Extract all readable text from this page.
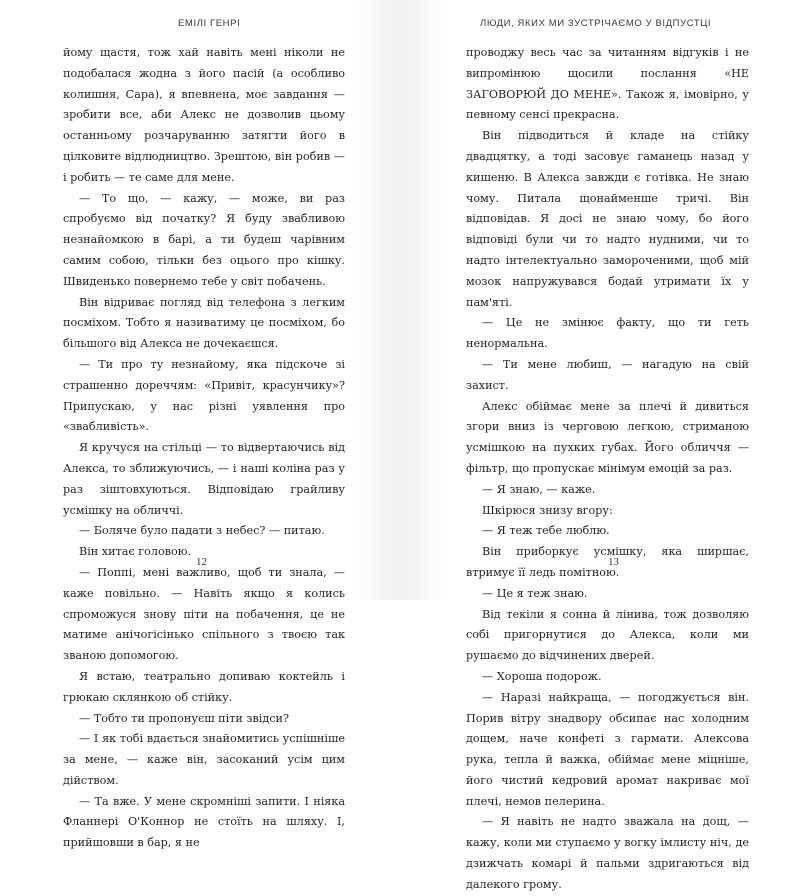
ЕМІЛІ ГЕНРІ

йому щастя, тож хай навіть мені ніколи не подобалася жодна з його пасій (а особливо колишня, Сара), я впевнена, моє завдання — зробити все, аби Алекс не дозволив цьому останньому розчаруванню затягти його в цілковите відлюдництво. Зрештою, він робив — і робить — те саме для мене.

— То що, — кажу, — може, ви раз спробуємо від початку? Я буду звабливою незнайомкою в барі, а ти будеш чарівним самим собою, тільки без оцього про кішку. Швиденько повернемо тебе у світ побачень.

Він відриває погляд від телефона з легким посміхом. Тобто я називатиму це посміхом, бо більшого від Алекса не дочекаєшся.

— Ти про ту незнайому, яка підскоче зі страшенно дореччям: «Привіт, красунчику»? Припускаю, у нас різні уявлення про «звабливість».

Я кручуся на стільці — то відвертаючись від Алекса, то зближуючись, — і наші коліна раз у раз зіштовхуються. Відповідаю грайливу усмішку на обличчі.

— Боляче було падати з небес? — питаю.

Він хитає головою.

— Поппі, мені важливо, щоб ти знала, — каже повільно. — Навіть якщо я колись спроможуся знову піти на побачення, це не матиме анічогісінько спільного з твоєю так званою допомогою.

Я встаю, театрально допиваю коктейль і грюкаю склянкою об стійку.

— Тобто ти пропонуєш піти звідси?

— І як тобі вдається знайомитись успішніше за мене, — каже він, засоканий усім цим дійством.

— Та вже. У мене скромніші запити. І ніяка Фланнері О'Коннор не стоїть на шляху. І, прийшовши в бар, я не

12
ЛЮДИ, ЯКИХ МИ ЗУСТРІЧАЄМО У ВІДПУСТЦІ

проводжу весь час за читанням відгуків і не випромінюю щосили послання «НЕ ЗАГОВОРЮЙ ДО МЕНЕ». Також я, імовірно, у певному сенсі прекрасна.

Він підводиться й кладе на стійку двадцятку, а тоді засовує гаманець назад у кишеню. В Алекса завжди є готівка. Не знаю чому. Питала щонайменше тричі. Він відповідав. Я досі не знаю чому, бо його відповіді були чи то надто нудними, чи то надто інтелектуально замороченими, щоб мій мозок напружувався бодай утримати їх у пам'яті.

— Це не змінює факту, що ти геть ненормальна.

— Ти мене любиш, — нагадую на свій захист.

Алекс обіймає мене за плечі й дивиться згори вниз із черговою легкою, стриманою усмішкою на пухких губах. Його обличчя — фільтр, що пропускає мінімум емоцій за раз.

— Я знаю, — каже.

Шкірюся знизу вгору:

— Я теж тебе люблю.

Він приборкує усмішку, яка ширшає, втримує її ледь помітною.

— Це я теж знаю.

Від текіли я сонна й лінива, тож дозволяю собі пригорнутися до Алекса, коли ми рушаємо до відчинених дверей.

— Хороша подорож.

— Наразі найкраща, — погоджується він. Порив вітру знадвору обсипає нас холодним дощем, наче конфеті з гармати. Алексова рука, тепла й важка, обіймає мене міцніше, його чистий кедровий аромат накриває мої плечі, немов пелерина.

— Я навіть не надто зважала на дощ, — кажу, коли ми ступаємо у вогку імлисту ніч, де дзижчать комарі й пальми здригаються від далекого грому.

13
